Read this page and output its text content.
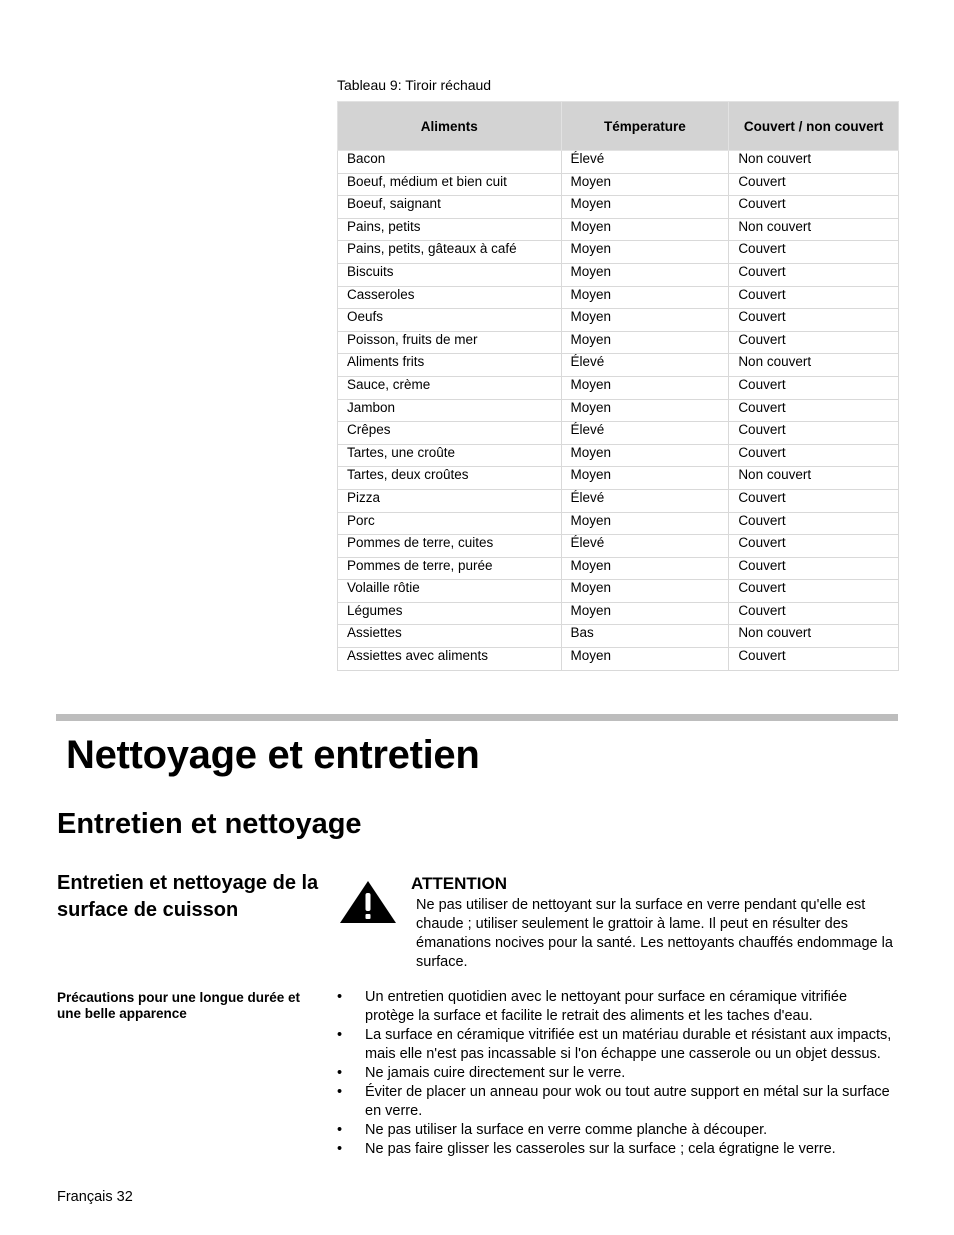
Tableau 9: Tiroir réchaud
Aliments	Témperature	Couvert / non couvert
Bacon	Élevé	Non couvert
Boeuf, médium et bien cuit	Moyen	Couvert
Boeuf, saignant	Moyen	Couvert
Pains, petits	Moyen	Non couvert
Pains, petits, gâteaux à café	Moyen	Couvert
Biscuits	Moyen	Couvert
Casseroles	Moyen	Couvert
Oeufs	Moyen	Couvert
Poisson, fruits de mer	Moyen	Couvert
Aliments frits	Élevé	Non couvert
Sauce, crème	Moyen	Couvert
Jambon	Moyen	Couvert
Crêpes	Élevé	Couvert
Tartes, une croûte	Moyen	Couvert
Tartes, deux croûtes	Moyen	Non couvert
Pizza	Élevé	Couvert
Porc	Moyen	Couvert
Pommes de terre, cuites	Élevé	Couvert
Pommes de terre, purée	Moyen	Couvert
Volaille rôtie	Moyen	Couvert
Légumes	Moyen	Couvert
Assiettes	Bas	Non couvert
Assiettes avec aliments	Moyen	Couvert
Nettoyage et entretien
Entretien et nettoyage
Entretien et nettoyage de la surface de cuisson
ATTENTION
Ne pas utiliser de nettoyant sur la surface en verre pendant qu'elle est chaude ; utiliser seulement le grattoir à lame. Il peut en résulter des émanations nocives pour la santé. Les nettoyants chauffés endommage la surface.
Précautions pour une longue durée et une belle apparence
• Un entretien quotidien avec le nettoyant pour surface en céramique vitrifiée protège la surface et facilite le retrait des aliments et les taches d'eau.
• La surface en céramique vitrifiée est un matériau durable et résistant aux impacts, mais elle n'est pas incassable si l'on échappe une casserole ou un objet dessus.
• Ne jamais cuire directement sur le verre.
• Éviter de placer un anneau pour wok ou tout autre support en métal sur la surface en verre.
• Ne pas utiliser la surface en verre comme planche à découper.
• Ne pas faire glisser les casseroles sur la surface ; cela égratigne le verre.
Français 32
